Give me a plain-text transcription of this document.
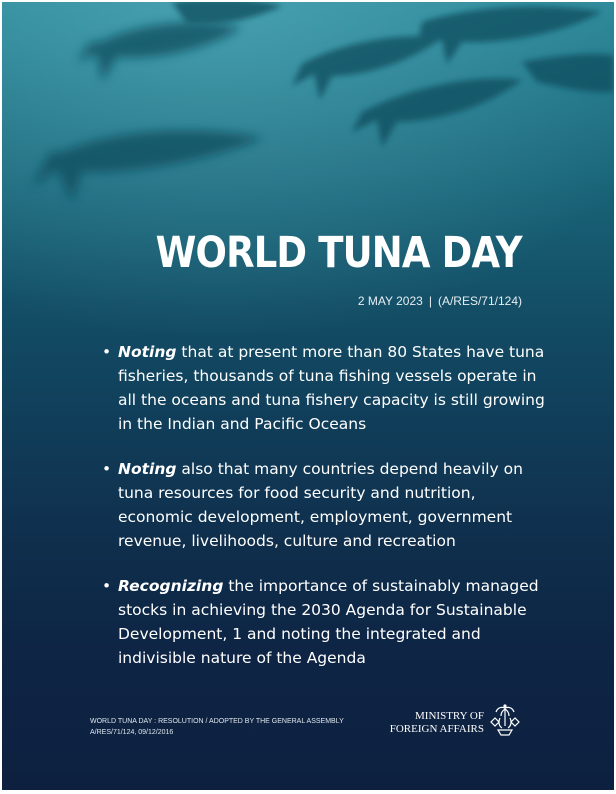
WORLD TUNA DAY
2 MAY 2023 | (A/RES/71/124)
• Noting that at present more than 80 States have tuna fisheries, thousands of tuna fishing vessels operate in all the oceans and tuna fishery capacity is still growing in the Indian and Pacific Oceans
• Noting also that many countries depend heavily on tuna resources for food security and nutrition, economic development, employment, government revenue, livelihoods, culture and recreation
• Recognizing the importance of sustainably managed stocks in achieving the 2030 Agenda for Sustainable Development, 1 and noting the integrated and indivisible nature of the Agenda
WORLD TUNA DAY : RESOLUTION / ADOPTED BY THE GENERAL ASSEMBLY
A/RES/71/124, 09/12/2016
MINISTRY OF
FOREIGN AFFAIRS
